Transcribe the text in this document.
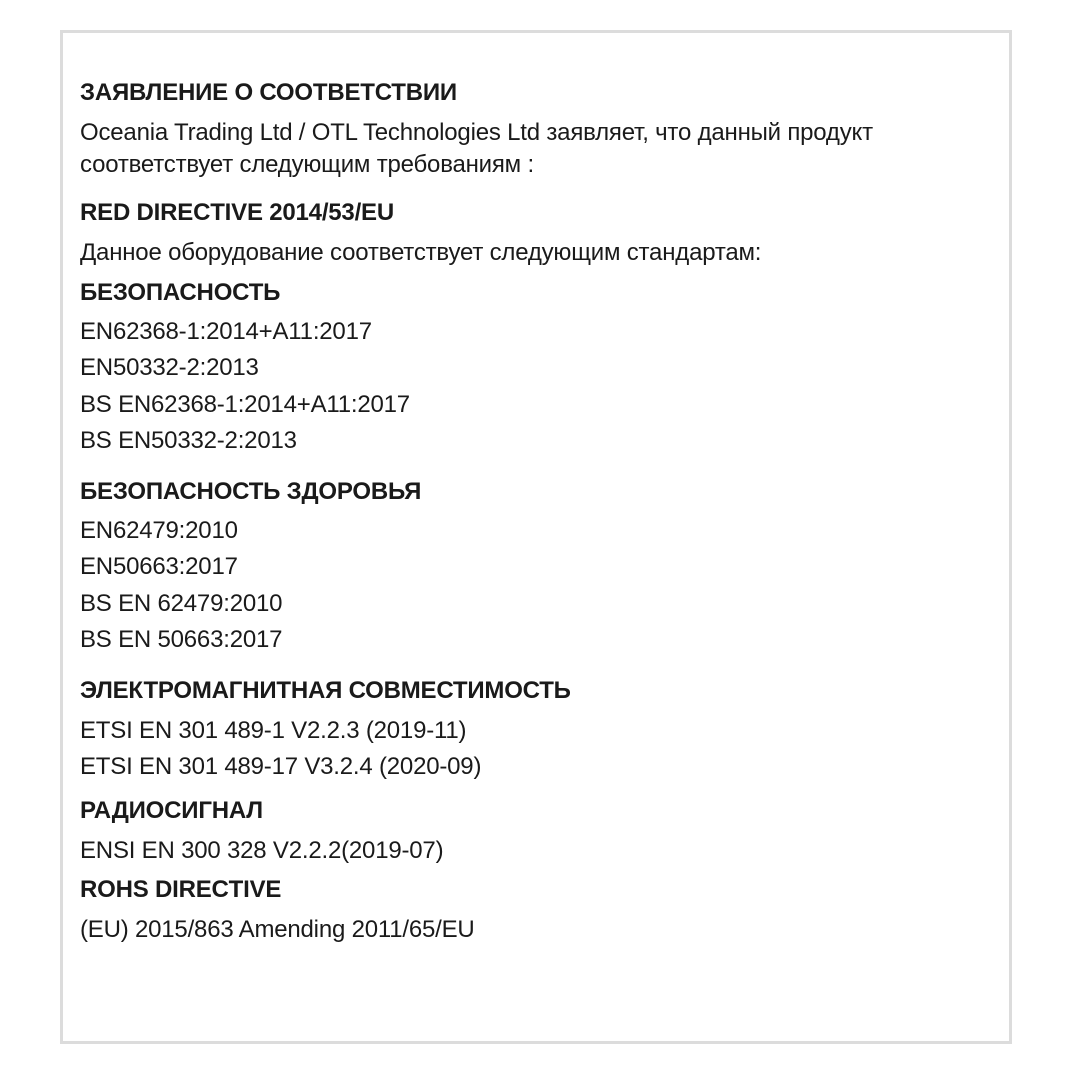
ЗАЯВЛЕНИЕ О СООТВЕТСТВИИ
Oceania Trading Ltd / OTL Technologies Ltd заявляет, что данный продукт
соответствует следующим требованиям :
RED DIRECTIVE 2014/53/EU
Данное оборудование соответствует следующим стандартам:
БЕЗОПАСНОСТЬ
EN62368-1:2014+A11:2017
EN50332-2:2013
BS EN62368-1:2014+A11:2017
BS EN50332-2:2013
БЕЗОПАСНОСТЬ ЗДОРОВЬЯ
EN62479:2010
EN50663:2017
BS EN 62479:2010
BS EN 50663:2017
ЭЛЕКТРОМАГНИТНАЯ СОВМЕСТИМОСТЬ
ETSI EN 301 489-1 V2.2.3 (2019-11)
ETSI EN 301 489-17 V3.2.4 (2020-09)
РАДИОСИГНАЛ
ENSI EN 300 328 V2.2.2(2019-07)
ROHS DIRECTIVE
(EU) 2015/863 Amending 2011/65/EU
